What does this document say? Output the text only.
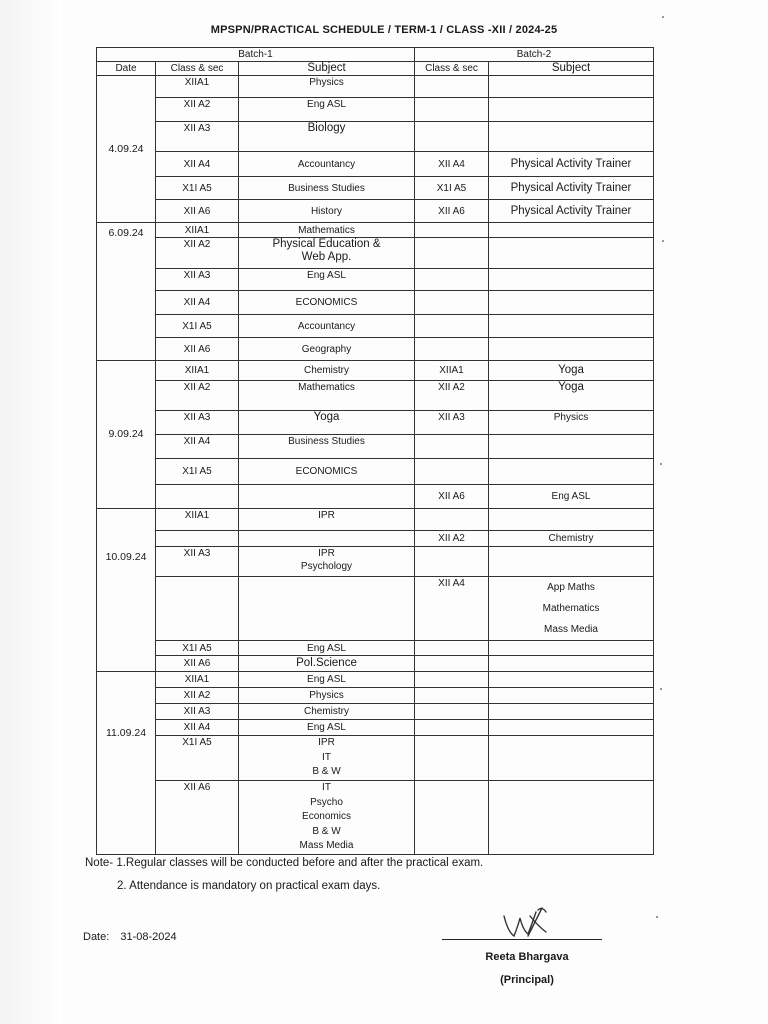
MPSPN/PRACTICAL SCHEDULE / TERM-1 / CLASS -XII / 2024-25
Batch-1			Batch-2	
Date	Class & sec	Subject	Class & sec	Subject
4.09.24	XIIA1	Physics		
	XII A2	Eng ASL		
	XII A3	Biology		
	XII A4	Accountancy	XII A4	Physical Activity Trainer
	X1I A5	Business Studies	X1I A5	Physical Activity Trainer
	XII A6	History	XII A6	Physical Activity Trainer
6.09.24	XIIA1	Mathematics		
	XII A2	Physical Education &
Web App.		
	XII A3	Eng ASL		
	XII A4	ECONOMICS		
	X1I A5	Accountancy		
	XII A6	Geography		
9.09.24	XIIA1	Chemistry	XIIA1	Yoga
	XII A2	Mathematics	XII A2	Yoga
	XII A3	Yoga	XII A3	Physics
	XII A4	Business Studies		
	X1I A5	ECONOMICS		
			XII A6	Eng ASL
10.09.24	XIIA1	IPR		
			XII A2	Chemistry
	XII A3	IPR
Psychology		
			XII A4	App Maths
Mathematics
Mass Media
	X1I A5	Eng ASL		
	XII A6	Pol.Science		
11.09.24	XIIA1	Eng ASL		
	XII A2	Physics		
	XII A3	Chemistry		
	XII A4	Eng ASL		
	X1I A5	IPR
IT
B & W		
	XII A6	IT
Psycho
Economics
B & W
Mass Media		
Note- 1.Regular classes will be conducted before and after the practical exam.
2. Attendance is mandatory on practical exam days.
Date: 31-08-2024
Reeta Bhargava
(Principal)
